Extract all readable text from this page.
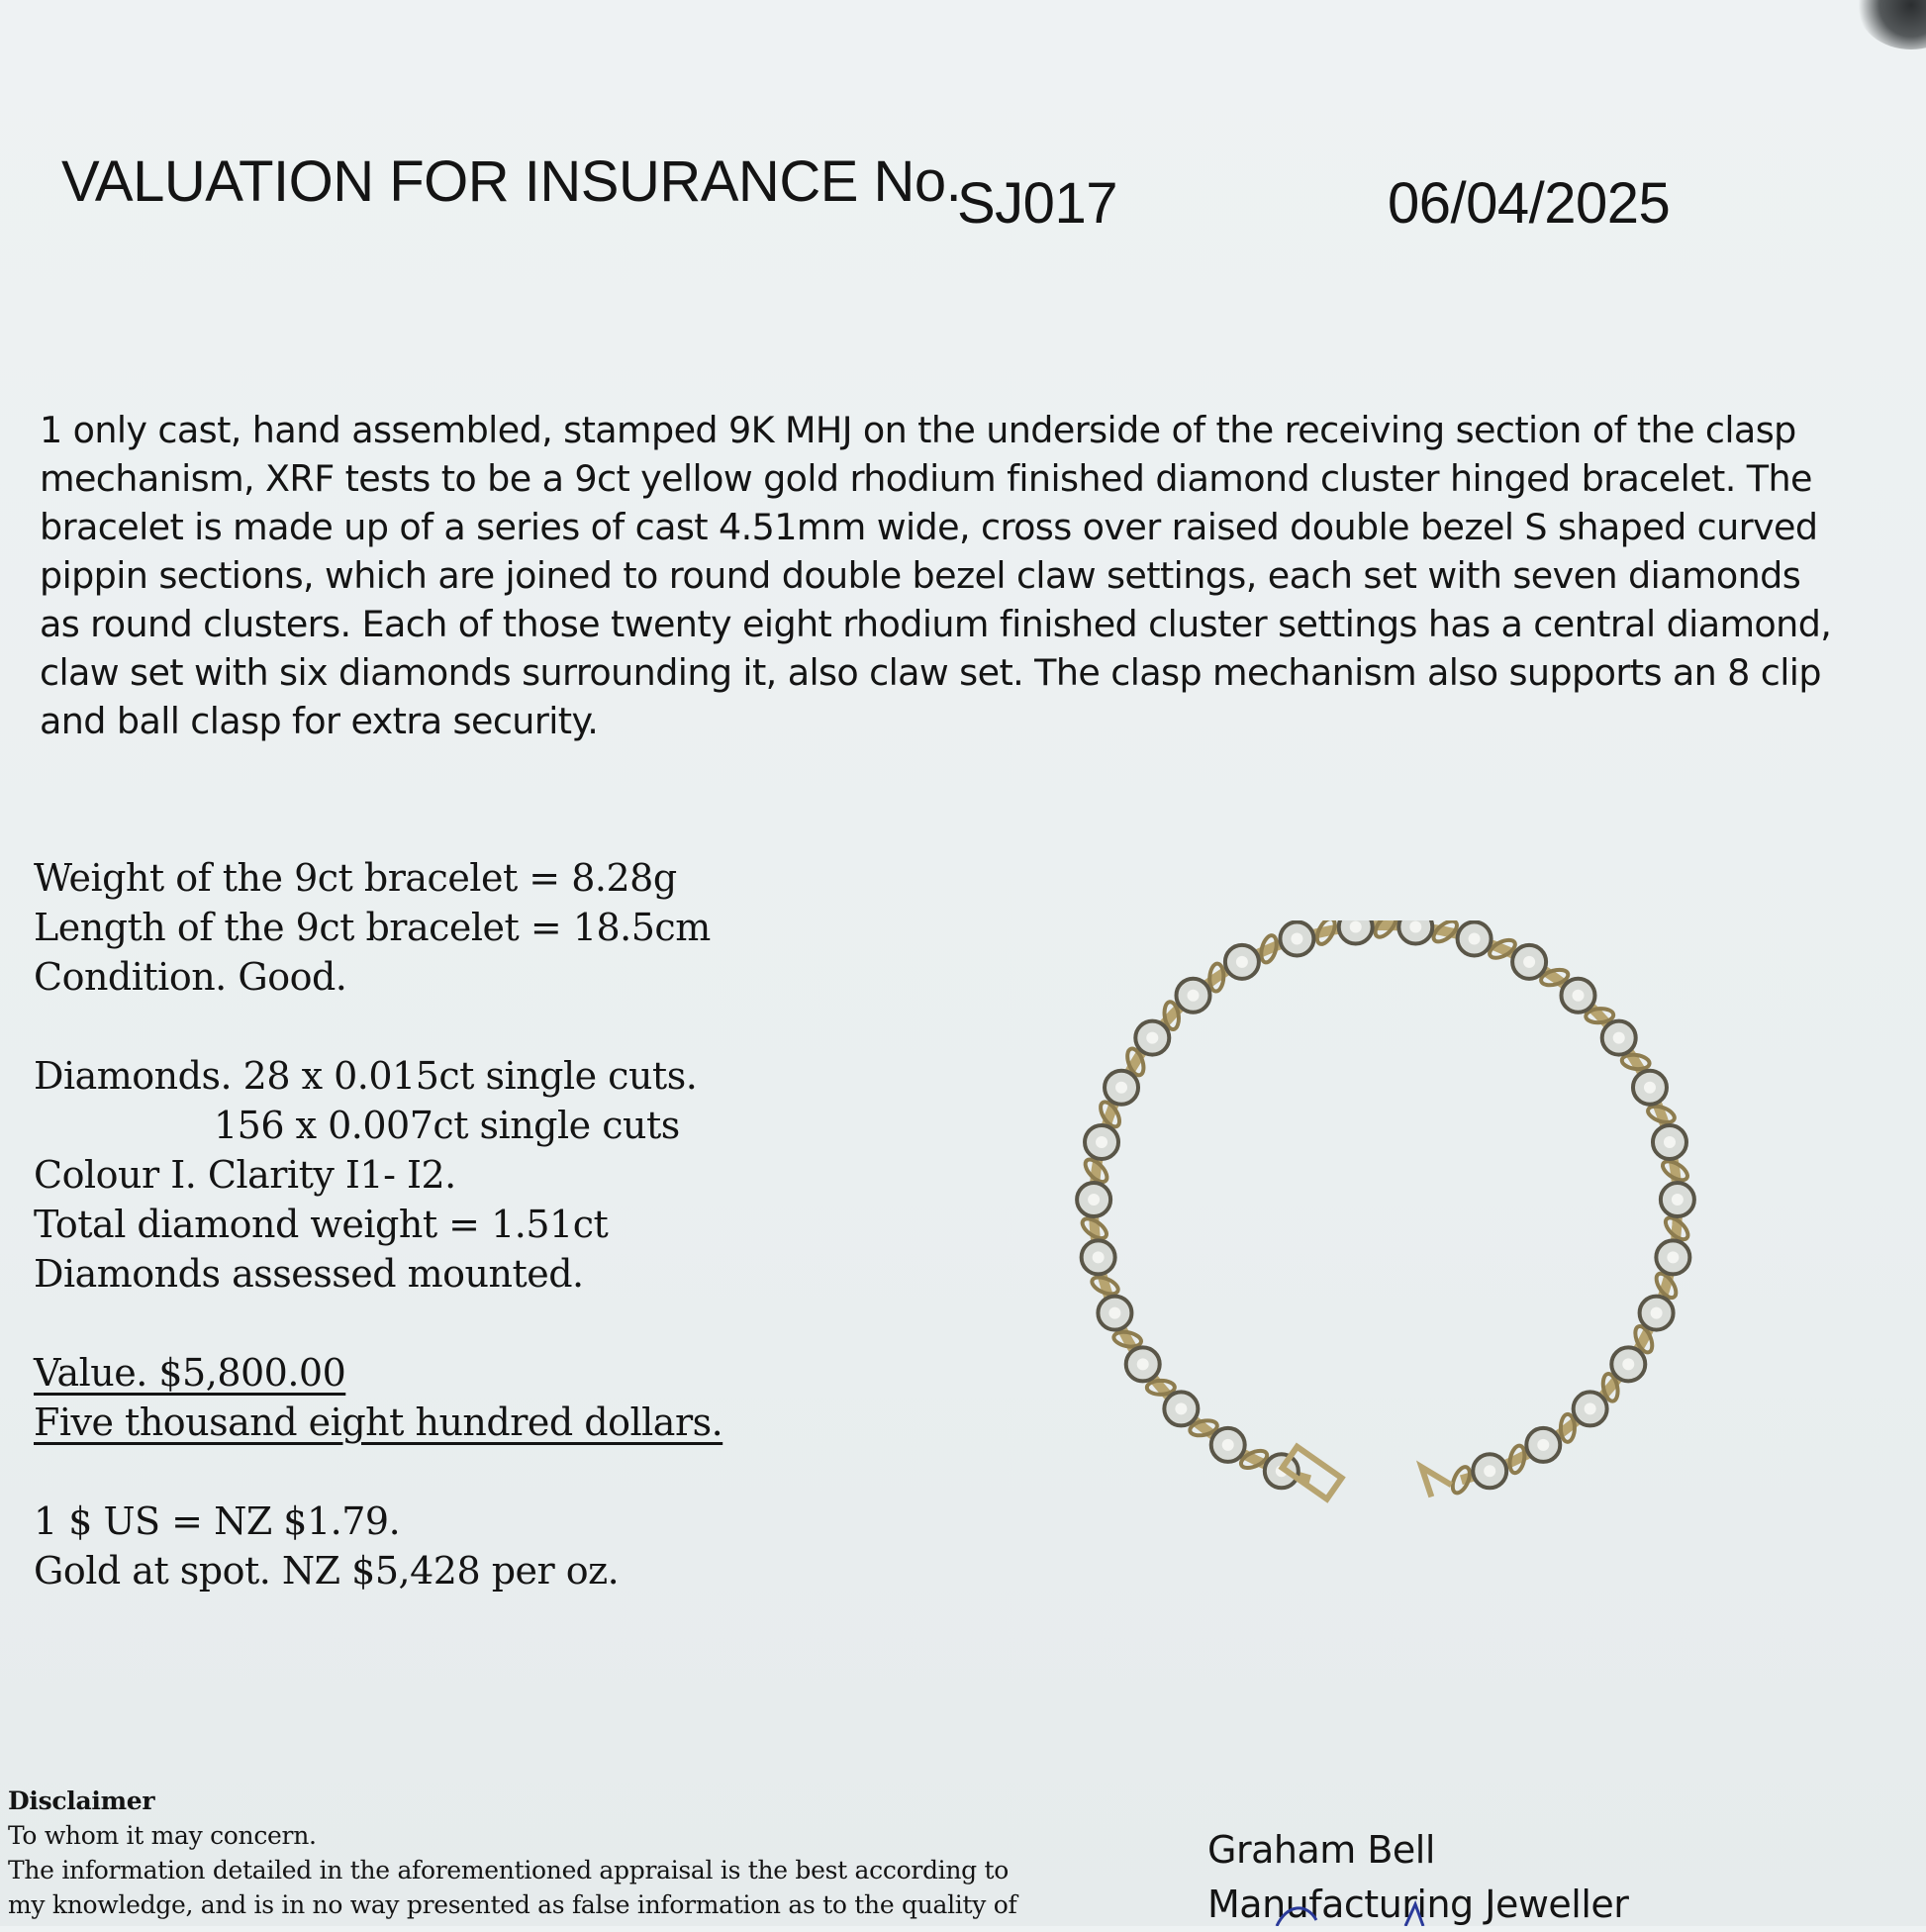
VALUATION FOR INSURANCE No.
SJ017	06/04/2025
1 only cast, hand assembled, stamped 9K MHJ on the underside of the receiving section of the clasp mechanism, XRF tests to be a 9ct yellow gold rhodium finished diamond cluster hinged bracelet. The bracelet is made up of a series of cast 4.51mm wide, cross over raised double bezel S shaped curved pippin sections, which are joined to round double bezel claw settings, each set with seven diamonds as round clusters. Each of those twenty eight rhodium finished cluster settings has a central diamond, claw set with six diamonds surrounding it, also claw set. The clasp mechanism also supports an 8 clip and ball clasp for extra security.
Weight of the 9ct bracelet = 8.28g
Length of the 9ct bracelet = 18.5cm
Condition. Good.
Diamonds. 28 x 0.015ct single cuts.
156 x 0.007ct single cuts
Colour I. Clarity I1- I2.
Total diamond weight = 1.51ct
Diamonds assessed mounted.
Value. $5,800.00
Five thousand eight hundred dollars.
1 $ US = NZ $1.79.
Gold at spot. NZ $5,428 per oz.
Disclaimer
To whom it may concern.
The information detailed in the aforementioned appraisal is the best according to
my knowledge, and is in no way presented as false information as to the quality of
Graham Bell
Manufacturing Jeweller
